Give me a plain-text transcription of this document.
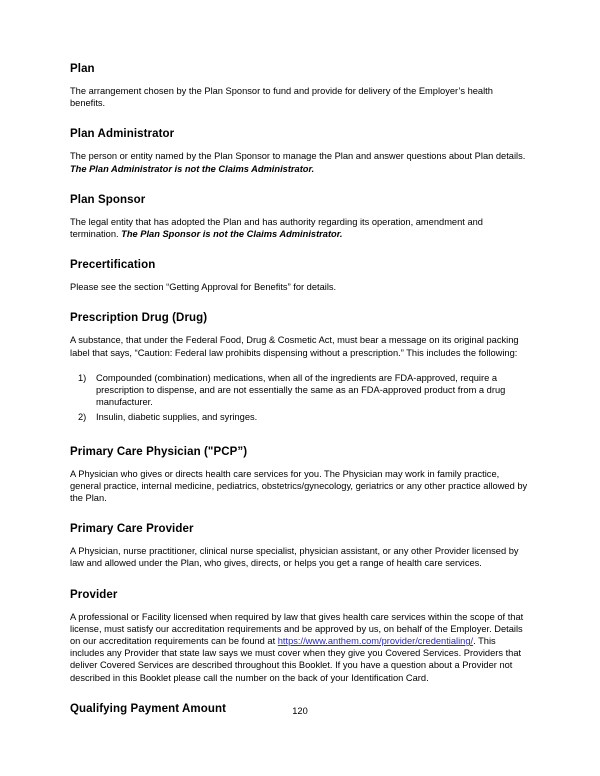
Plan

The arrangement chosen by the Plan Sponsor to fund and provide for delivery of the Employer’s health benefits.

Plan Administrator

The person or entity named by the Plan Sponsor to manage the Plan and answer questions about Plan details. The Plan Administrator is not the Claims Administrator.

Plan Sponsor

The legal entity that has adopted the Plan and has authority regarding its operation, amendment and termination. The Plan Sponsor is not the Claims Administrator.

Precertification

Please see the section “Getting Approval for Benefits” for details.

Prescription Drug (Drug)

A substance, that under the Federal Food, Drug & Cosmetic Act, must bear a message on its original packing label that says, “Caution: Federal law prohibits dispensing without a prescription.” This includes the following:

1) Compounded (combination) medications, when all of the ingredients are FDA-approved, require a prescription to dispense, and are not essentially the same as an FDA-approved product from a drug manufacturer.
2) Insulin, diabetic supplies, and syringes.
Primary Care Physician ("PCP”)

A Physician who gives or directs health care services for you. The Physician may work in family practice, general practice, internal medicine, pediatrics, obstetrics/gynecology, geriatrics or any other practice allowed by the Plan.

Primary Care Provider

A Physician, nurse practitioner, clinical nurse specialist, physician assistant, or any other Provider licensed by law and allowed under the Plan, who gives, directs, or helps you get a range of health care services.

Provider

A professional or Facility licensed when required by law that gives health care services within the scope of that license, must satisfy our accreditation requirements and be approved by us, on behalf of the Employer. Details on our accreditation requirements can be found at https://www.anthem.com/provider/credentialing/. This includes any Provider that state law says we must cover when they give you Covered Services. Providers that deliver Covered Services are described throughout this Booklet. If you have a question about a Provider not described in this Booklet please call the number on the back of your Identification Card.

Qualifying Payment Amount	120
